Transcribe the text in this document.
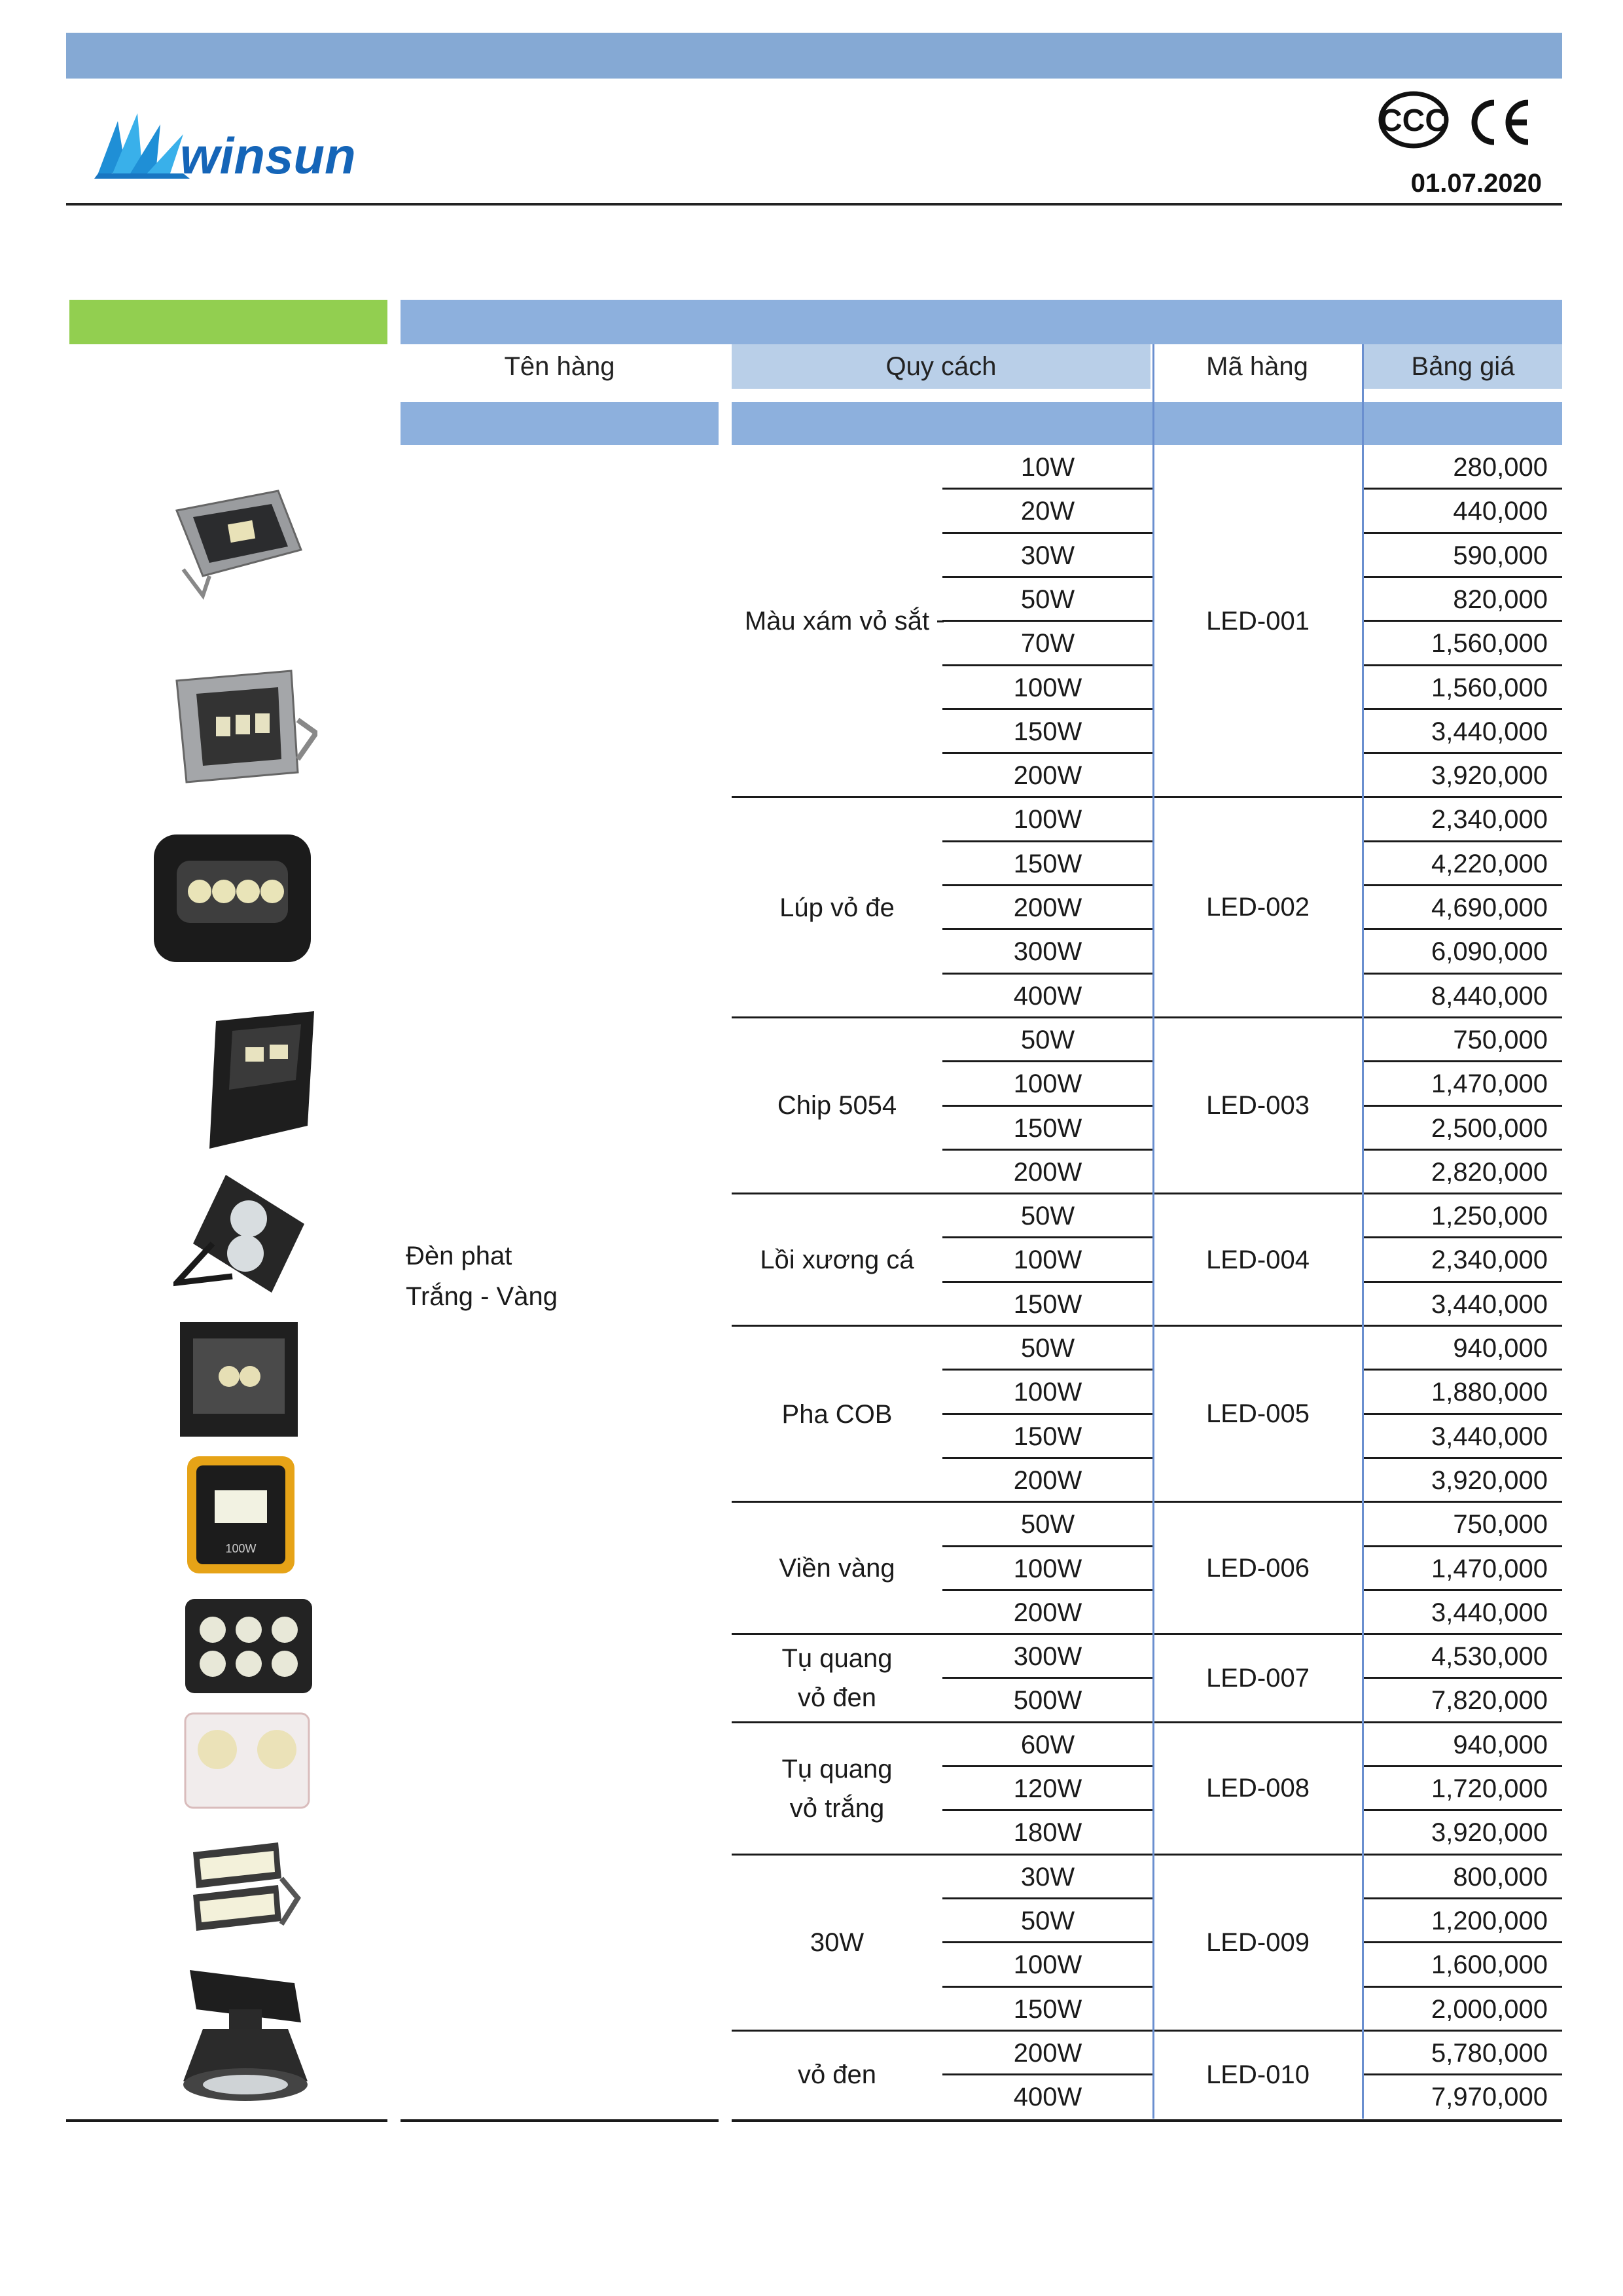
winsun
CCC
01.07.2020
Tên hàng	Quy cách	Mã hàng	Bảng giá
Đèn phat
Trắng - Vàng
Màu xám vỏ sắt	LED-001
10W	280,000
20W	440,000
30W	590,000
50W	820,000
70W	1,560,000
100W	1,560,000
150W	3,440,000
200W	3,920,000
Lúp vỏ đe	LED-002
100W	2,340,000
150W	4,220,000
200W	4,690,000
300W	6,090,000
400W	8,440,000
Chip 5054	LED-003
50W	750,000
100W	1,470,000
150W	2,500,000
200W	2,820,000
Lồi xương cá	LED-004
50W	1,250,000
100W	2,340,000
150W	3,440,000
Pha COB	LED-005
50W	940,000
100W	1,880,000
150W	3,440,000
200W	3,920,000
Viền vàng	LED-006
50W	750,000
100W	1,470,000
200W	3,440,000
Tụ quang
vỏ đen
LED-007
300W	4,530,000
500W	7,820,000
Tụ quang
vỏ trắng
LED-008
60W	940,000
120W	1,720,000
180W	3,920,000
30W	LED-009
30W	800,000
50W	1,200,000
100W	1,600,000
150W	2,000,000
vỏ đen	LED-010
200W	5,780,000
400W	7,970,000
100W
